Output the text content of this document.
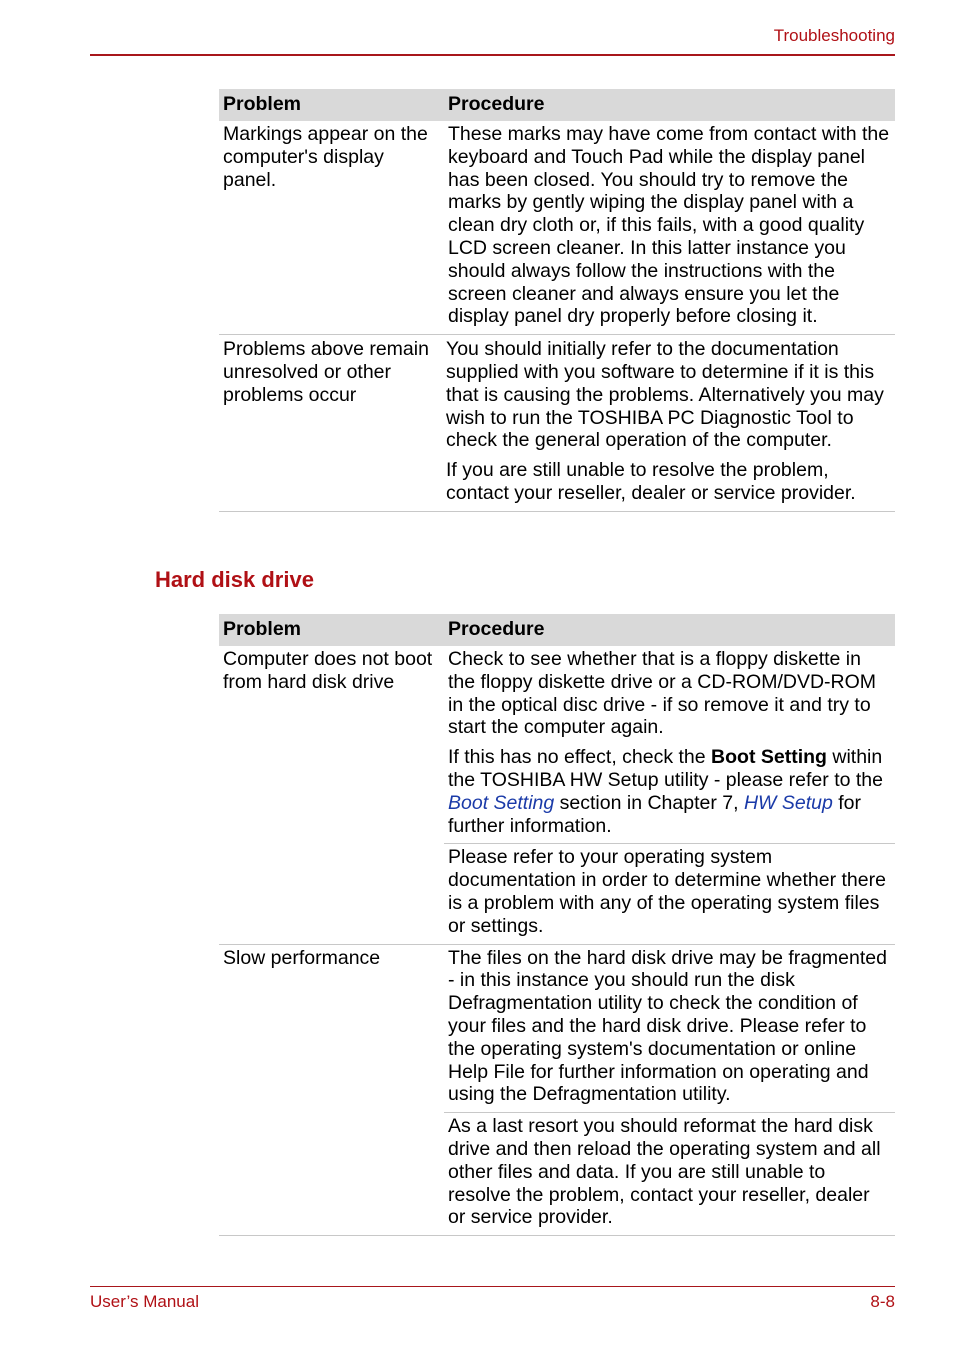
Troubleshooting
Problem	Procedure
Markings appear on the computer's display panel.	These marks may have come from contact with the keyboard and Touch Pad while the display panel has been closed. You should try to remove the marks by gently wiping the display panel with a clean dry cloth or, if this fails, with a good quality LCD screen cleaner. In this latter instance you should always follow the instructions with the screen cleaner and always ensure you let the display panel dry properly before closing it.
Problems above remain unresolved or other problems occur	You should initially refer to the documentation supplied with you software to determine if it is this that is causing the problems. Alternatively you may wish to run the TOSHIBA PC Diagnostic Tool to check the general operation of the computer.

If you are still unable to resolve the problem, contact your reseller, dealer or service provider.

Hard disk drive
Problem	Procedure
Computer does not boot from hard disk drive	Check to see whether that is a floppy diskette in the floppy diskette drive or a CD-ROM/DVD-ROM in the optical disc drive - if so remove it and try to start the computer again.

If this has no effect, check the Boot Setting within the TOSHIBA HW Setup utility - please refer to the Boot Setting section in Chapter 7, HW Setup for further information.

	Please refer to your operating system documentation in order to determine whether there is a problem with any of the operating system files or settings.
Slow performance	The files on the hard disk drive may be fragmented - in this instance you should run the disk Defragmentation utility to check the condition of your files and the hard disk drive. Please refer to the operating system's documentation or online Help File for further information on operating and using the Defragmentation utility.
	As a last resort you should reformat the hard disk drive and then reload the operating system and all other files and data. If you are still unable to resolve the problem, contact your reseller, dealer or service provider.
User’s Manual	8-8
